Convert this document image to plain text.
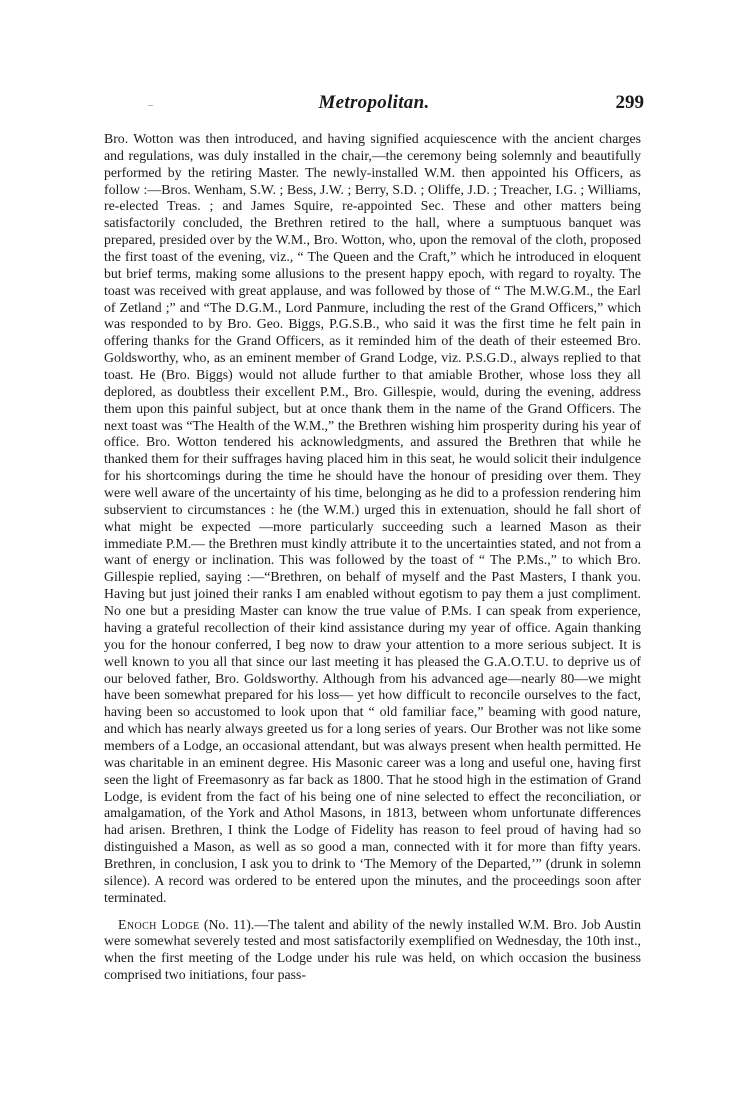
–	Metropolitan.	299

Bro. Wotton was then introduced, and having signified acquiescence with the ancient charges and regulations, was duly installed in the chair,—the ceremony being solemnly and beautifully performed by the retiring Master. The newly-installed W.M. then appointed his Officers, as follow :—Bros. Wenham, S.W. ; Bess, J.W. ; Berry, S.D. ; Oliffe, J.D. ; Treacher, I.G. ; Williams, re-elected Treas. ; and James Squire, re-appointed Sec. These and other matters being satisfactorily concluded, the Brethren retired to the hall, where a sumptuous banquet was prepared, presided over by the W.M., Bro. Wotton, who, upon the removal of the cloth, proposed the first toast of the evening, viz., “ The Queen and the Craft,” which he introduced in eloquent but brief terms, making some allusions to the present happy epoch, with regard to royalty. The toast was received with great applause, and was followed by those of “ The M.W.G.M., the Earl of Zetland ;” and “The D.G.M., Lord Panmure, including the rest of the Grand Officers,” which was responded to by Bro. Geo. Biggs, P.G.S.B., who said it was the first time he felt pain in offering thanks for the Grand Officers, as it reminded him of the death of their esteemed Bro. Goldsworthy, who, as an eminent member of Grand Lodge, viz. P.S.G.D., always replied to that toast. He (Bro. Biggs) would not allude further to that amiable Brother, whose loss they all deplored, as doubtless their excellent P.M., Bro. Gillespie, would, during the evening, address them upon this painful subject, but at once thank them in the name of the Grand Officers. The next toast was “The Health of the W.M.,” the Brethren wishing him prosperity during his year of office. Bro. Wotton tendered his acknowledgments, and assured the Brethren that while he thanked them for their suffrages having placed him in this seat, he would solicit their indulgence for his shortcomings during the time he should have the honour of presiding over them. They were well aware of the uncertainty of his time, belonging as he did to a profession rendering him subservient to circumstances : he (the W.M.) urged this in extenuation, should he fall short of what might be expected —more particularly succeeding such a learned Mason as their immediate P.M.— the Brethren must kindly attribute it to the uncertainties stated, and not from a want of energy or inclination. This was followed by the toast of “ The P.Ms.,” to which Bro. Gillespie replied, saying :—“Brethren, on behalf of myself and the Past Masters, I thank you. Having but just joined their ranks I am enabled without egotism to pay them a just compliment. No one but a presiding Master can know the true value of P.Ms. I can speak from experience, having a grateful recollection of their kind assistance during my year of office. Again thanking you for the honour conferred, I beg now to draw your attention to a more serious subject. It is well known to you all that since our last meeting it has pleased the G.A.O.T.U. to deprive us of our beloved father, Bro. Goldsworthy. Although from his advanced age—nearly 80—we might have been somewhat prepared for his loss— yet how difficult to reconcile ourselves to the fact, having been so accustomed to look upon that “ old familiar face,” beaming with good nature, and which has nearly always greeted us for a long series of years. Our Brother was not like some members of a Lodge, an occasional attendant, but was always present when health permitted. He was charitable in an eminent degree. His Masonic career was a long and useful one, having first seen the light of Freemasonry as far back as 1800. That he stood high in the estimation of Grand Lodge, is evident from the fact of his being one of nine selected to effect the reconciliation, or amalgamation, of the York and Athol Masons, in 1813, between whom unfortunate differences had arisen. Brethren, I think the Lodge of Fidelity has reason to feel proud of having had so distinguished a Mason, as well as so good a man, connected with it for more than fifty years. Brethren, in conclusion, I ask you to drink to ‘The Memory of the Departed,’” (drunk in solemn silence). A record was ordered to be entered upon the minutes, and the proceedings soon after terminated.

Enoch Lodge (No. 11).—The talent and ability of the newly installed W.M. Bro. Job Austin were somewhat severely tested and most satisfactorily exemplified on Wednesday, the 10th inst., when the first meeting of the Lodge under his rule was held, on which occasion the business comprised two initiations, four pass-
